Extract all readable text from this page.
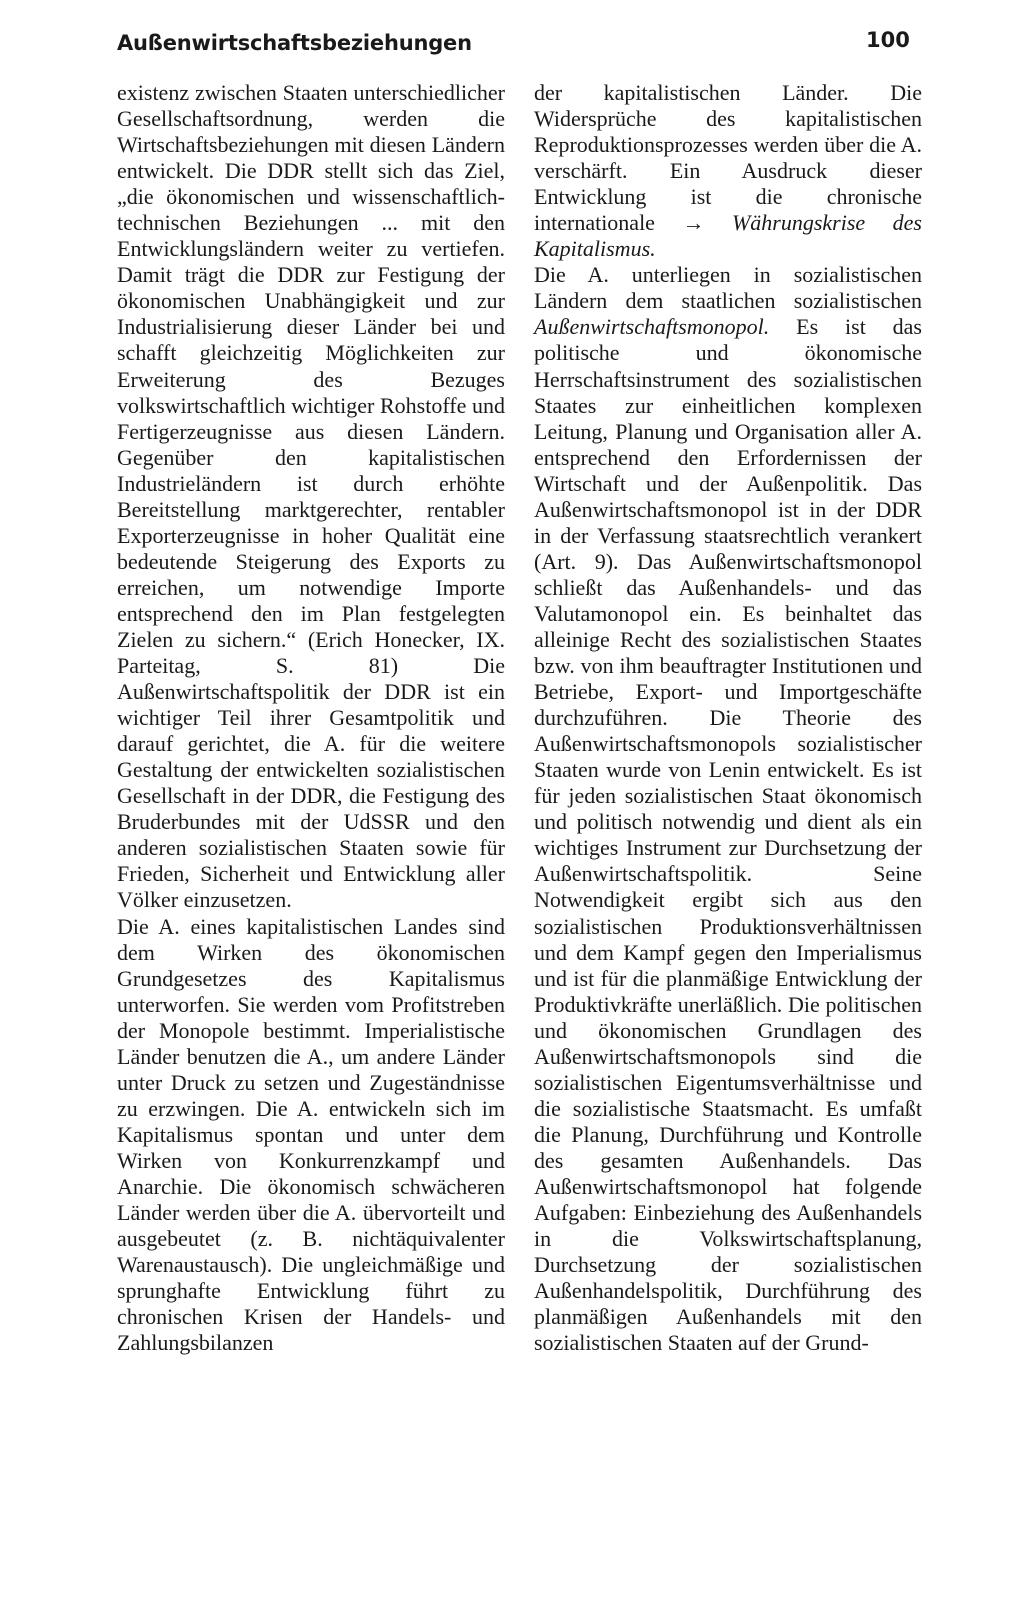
Außenwirtschaftsbeziehungen	100

existenz zwischen Staaten unterschiedlicher Gesellschaftsordnung, werden die Wirtschaftsbeziehungen mit diesen Ländern entwickelt. Die DDR stellt sich das Ziel, „die ökonomischen und wissenschaftlich-technischen Beziehungen ... mit den Entwicklungsländern weiter zu vertiefen. Damit trägt die DDR zur Festigung der ökonomischen Unabhängigkeit und zur Industrialisierung dieser Länder bei und schafft gleichzeitig Möglichkeiten zur Erweiterung des Bezuges volkswirtschaftlich wichtiger Rohstoffe und Fertigerzeugnisse aus diesen Ländern. Gegenüber den kapitalistischen Industrieländern ist durch erhöhte Bereitstellung marktgerechter, rentabler Exporterzeugnisse in hoher Qualität eine bedeutende Steigerung des Exports zu erreichen, um notwendige Importe entsprechend den im Plan festgelegten Zielen zu sichern.“ (Erich Honecker, IX. Parteitag, S. 81) Die Außenwirtschaftspolitik der DDR ist ein wichtiger Teil ihrer Gesamtpolitik und darauf gerichtet, die A. für die weitere Gestaltung der entwickelten sozialistischen Gesellschaft in der DDR, die Festigung des Bruderbundes mit der UdSSR und den anderen sozialistischen Staaten sowie für Frieden, Sicherheit und Entwicklung aller Völker einzusetzen.

Die A. eines kapitalistischen Landes sind dem Wirken des ökonomischen Grundgesetzes des Kapitalismus unterworfen. Sie werden vom Profitstreben der Monopole bestimmt. Imperialistische Länder benutzen die A., um andere Länder unter Druck zu setzen und Zugeständnisse zu erzwingen. Die A. entwickeln sich im Kapitalismus spontan und unter dem Wirken von Konkurrenzkampf und Anarchie. Die ökonomisch schwächeren Länder werden über die A. übervorteilt und ausgebeutet (z. B. nichtäquivalenter Warenaustausch). Die ungleichmäßige und sprunghafte Entwicklung führt zu chronischen Krisen der Handels- und Zahlungsbilanzen

der kapitalistischen Länder. Die Widersprüche des kapitalistischen Reproduktionsprozesses werden über die A. verschärft. Ein Ausdruck dieser Entwicklung ist die chronische internationale → Währungskrise des Kapitalismus.

Die A. unterliegen in sozialistischen Ländern dem staatlichen sozialistischen Außenwirtschaftsmonopol. Es ist das politische und ökonomische Herrschaftsinstrument des sozialistischen Staates zur einheitlichen komplexen Leitung, Planung und Organisation aller A. entsprechend den Erfordernissen der Wirtschaft und der Außenpolitik. Das Außenwirtschaftsmonopol ist in der DDR in der Verfassung staatsrechtlich verankert (Art. 9). Das Außenwirtschaftsmonopol schließt das Außenhandels- und das Valutamonopol ein. Es beinhaltet das alleinige Recht des sozialistischen Staates bzw. von ihm beauftragter Institutionen und Betriebe, Export- und Importgeschäfte durchzuführen. Die Theorie des Außenwirtschaftsmonopols sozialistischer Staaten wurde von Lenin entwickelt. Es ist für jeden sozialistischen Staat ökonomisch und politisch notwendig und dient als ein wichtiges Instrument zur Durchsetzung der Außenwirtschaftspolitik. Seine Notwendigkeit ergibt sich aus den sozialistischen Produktionsverhältnissen und dem Kampf gegen den Imperialismus und ist für die planmäßige Entwicklung der Produktivkräfte unerläßlich. Die politischen und ökonomischen Grundlagen des Außenwirtschaftsmonopols sind die sozialistischen Eigentumsverhältnisse und die sozialistische Staatsmacht. Es umfaßt die Planung, Durchführung und Kontrolle des gesamten Außenhandels. Das Außenwirtschaftsmonopol hat folgende Aufgaben: Einbeziehung des Außenhandels in die Volkswirtschaftsplanung, Durchsetzung der sozialistischen Außenhandelspolitik, Durchführung des planmäßigen Außenhandels mit den sozialistischen Staaten auf der Grund-
